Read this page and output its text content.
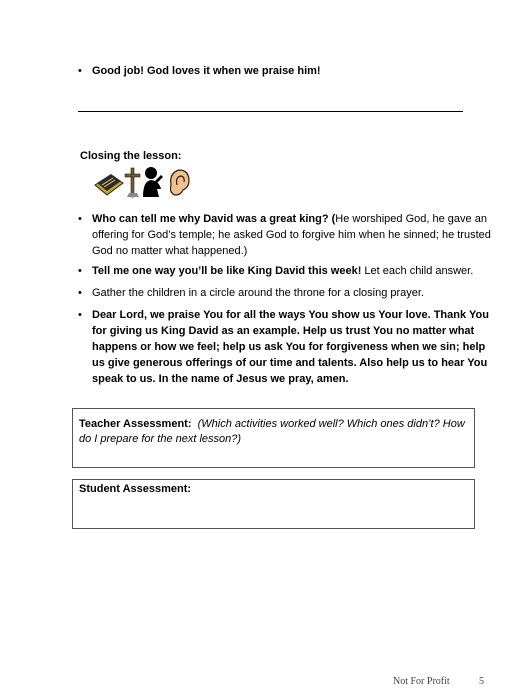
• Good job! God loves it when we praise him!
Closing the lesson:
• Who can tell me why David was a great king? (He worshiped God, he gave an offering for God’s temple; he asked God to forgive him when he sinned; he trusted God no matter what happened.)
• Tell me one way you’ll be like King David this week! Let each child answer.
• Gather the children in a circle around the throne for a closing prayer.
• Dear Lord, we praise You for all the ways You show us Your love. Thank You for giving us King David as an example. Help us trust You no matter what happens or how we feel; help us ask You for forgiveness when we sin; help us give generous offerings of our time and talents. Also help us to hear You speak to us. In the name of Jesus we pray, amen.
Teacher Assessment: (Which activities worked well? Which ones didn’t? How do I prepare for the next lesson?)
Student Assessment:
Not For Profit	5
